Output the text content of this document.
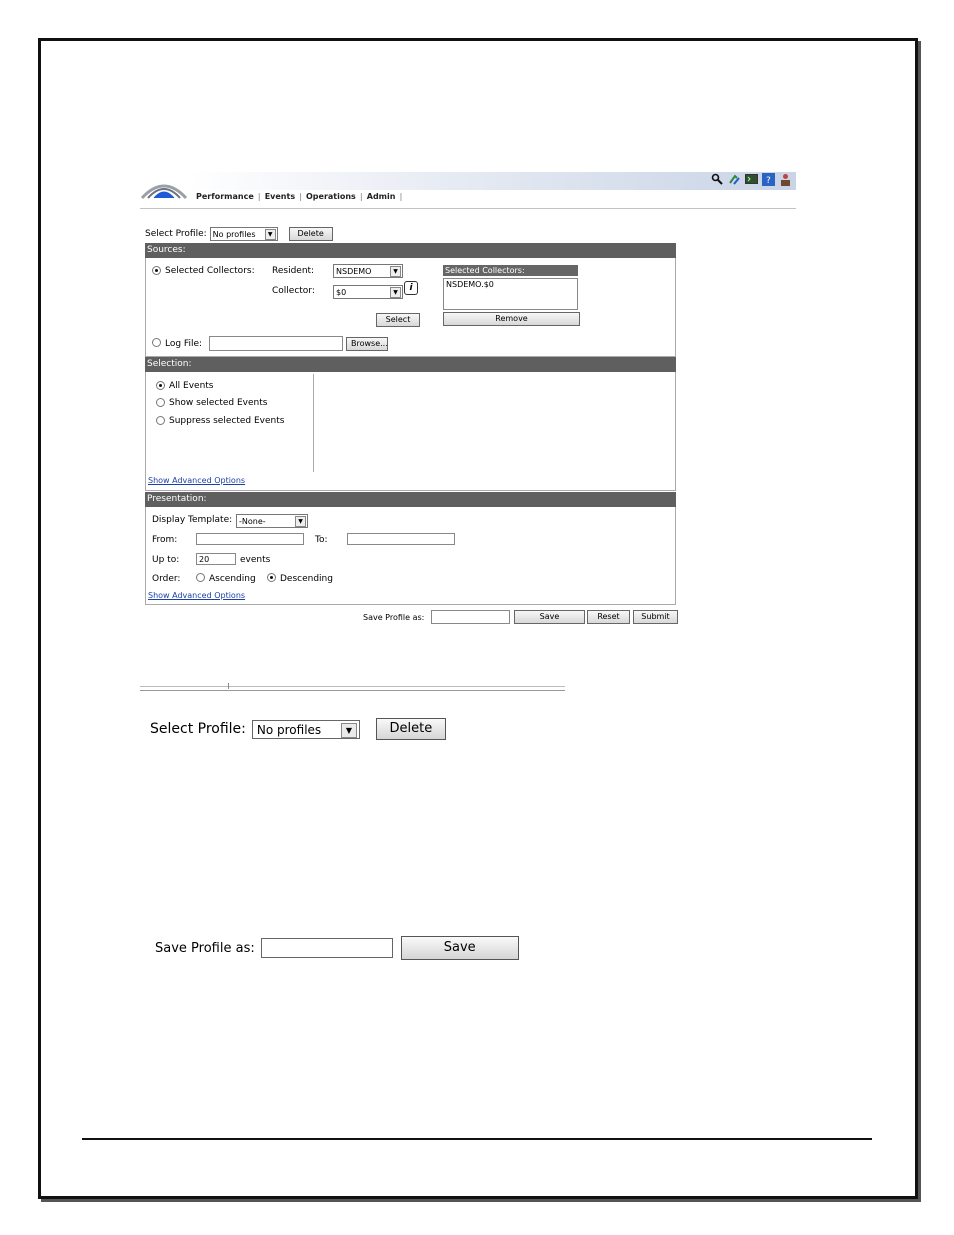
Performance | Events | Operations | Admin |
?
Select Profile: No profiles	▼	Delete
Sources:
Selected Collectors: Resident:	NSDEMO	▼
Collector:	$0	▼	i
Select
Selected Collectors:
NSDEMO.$0
Remove
Log File:	Browse...
Selection:
All Events
Show selected Events
Suppress selected Events
Show Advanced Options
Presentation:
Display Template: -None-	▼
From:	To:
Up to:	20	events
Order:	Ascending	Descending
Show Advanced Options
Save Profile as:	Save	Reset	Submit
Select Profile: No profiles	▼	Delete
Save Profile as:	Save
